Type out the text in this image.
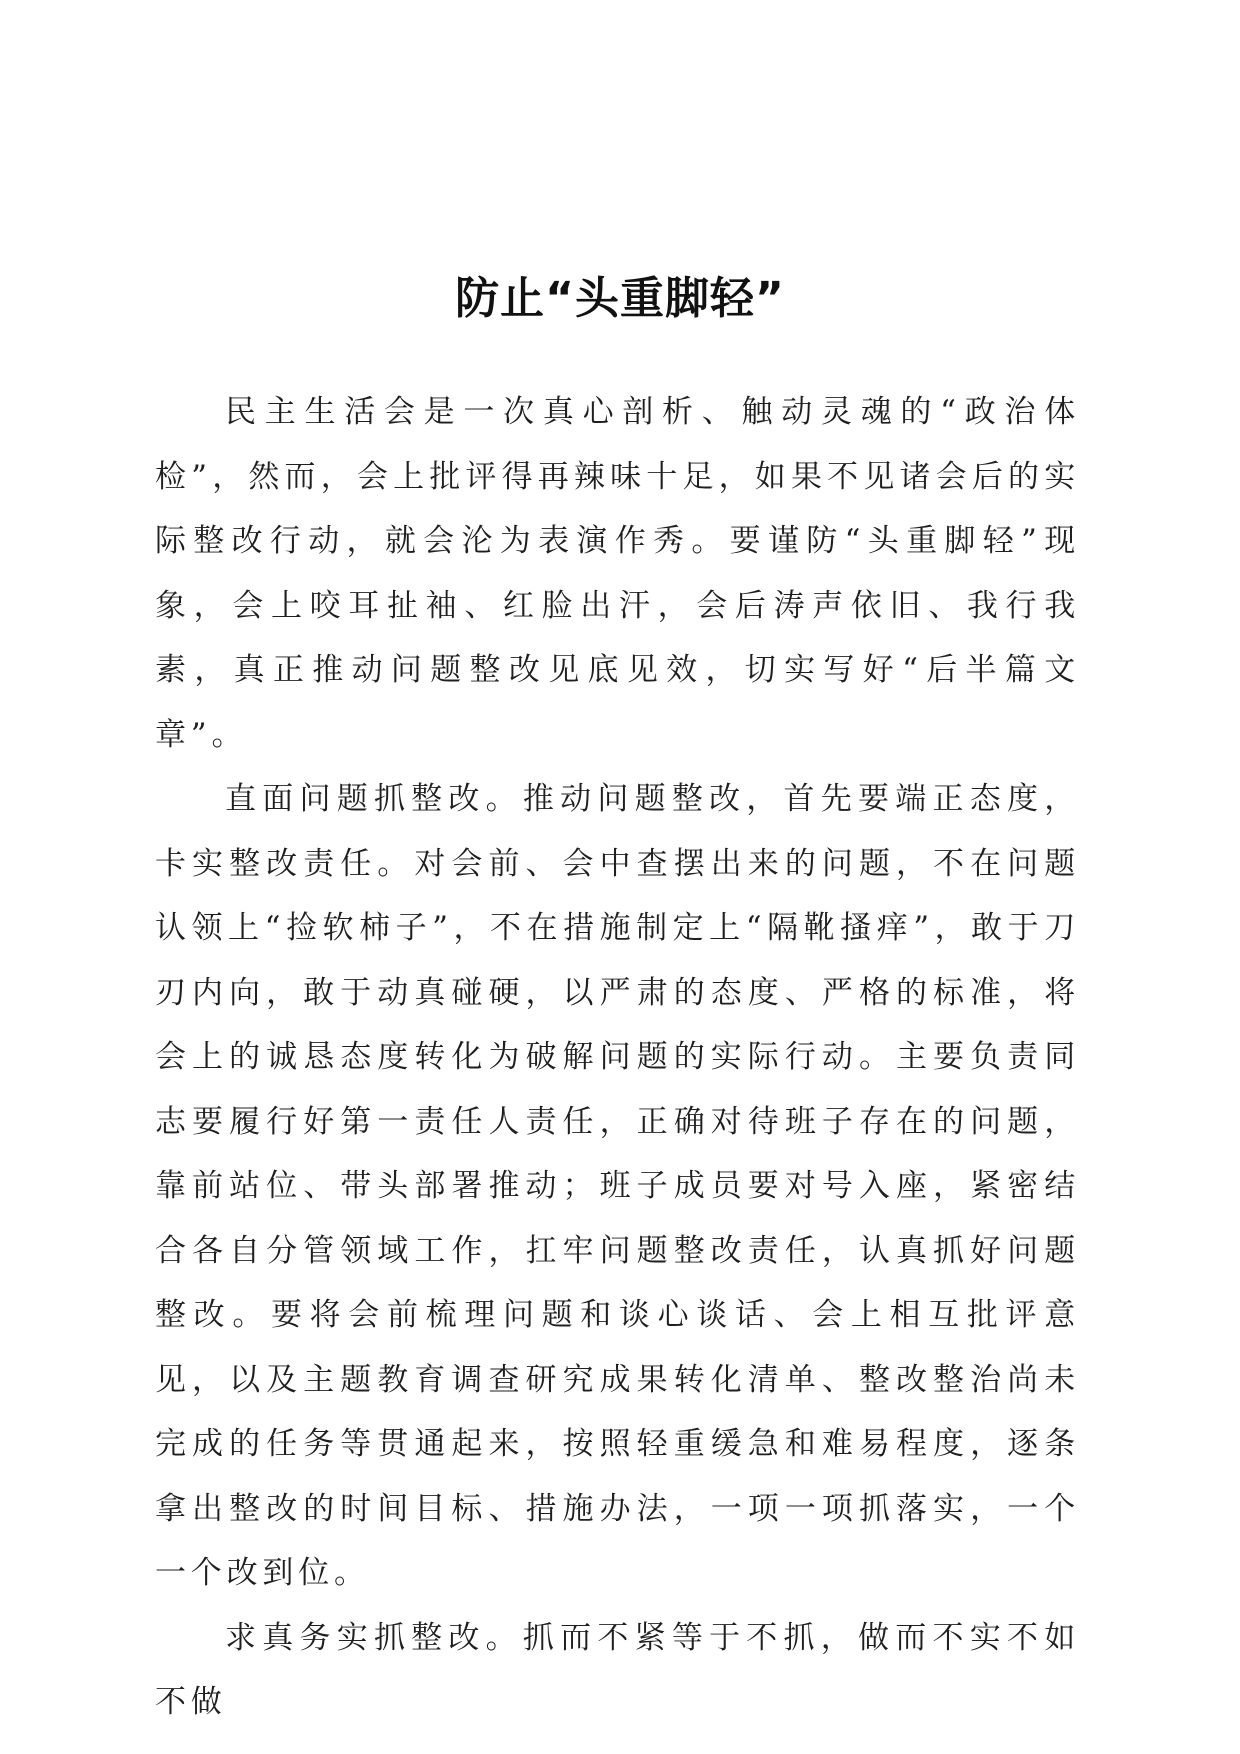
防止“头重脚轻”

民主生活会是一次真心剖析、触动灵魂的“政治体检”，然而，会上批评得再辣味十足，如果不见诸会后的实际整改行动，就会沦为表演作秀。要谨防“头重脚轻”现象，会上咬耳扯袖、红脸出汗，会后涛声依旧、我行我素，真正推动问题整改见底见效，切实写好“后半篇文章”。

直面问题抓整改。推动问题整改，首先要端正态度，卡实整改责任。对会前、会中查摆出来的问题，不在问题认领上“捡软柿子”，不在措施制定上“隔靴搔痒”，敢于刀刃内向，敢于动真碰硬，以严肃的态度、严格的标准，将会上的诚恳态度转化为破解问题的实际行动。主要负责同志要履行好第一责任人责任，正确对待班子存在的问题，靠前站位、带头部署推动；班子成员要对号入座，紧密结合各自分管领域工作，扛牢问题整改责任，认真抓好问题整改。要将会前梳理问题和谈心谈话、会上相互批评意见，以及主题教育调查研究成果转化清单、整改整治尚未完成的任务等贯通起来，按照轻重缓急和难易程度，逐条拿出整改的时间目标、措施办法，一项一项抓落实，一个一个改到位。

求真务实抓整改。抓而不紧等于不抓，做而不实不如不做
